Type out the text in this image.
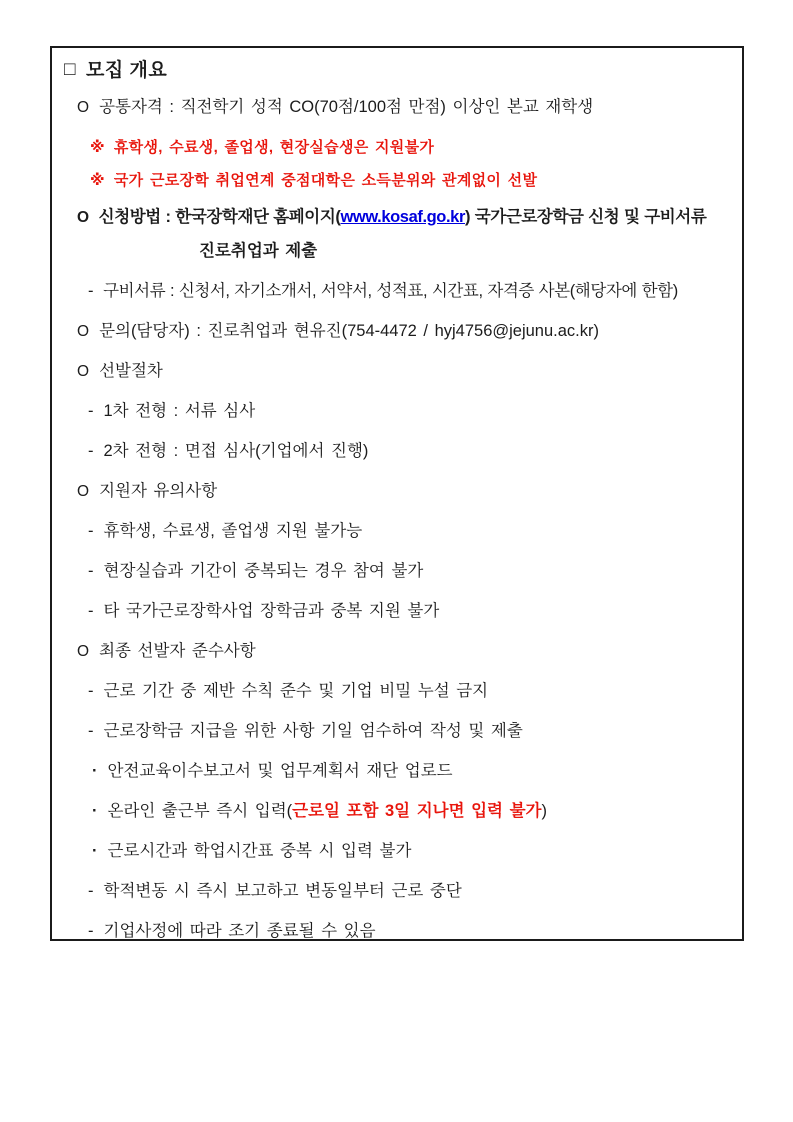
□ 모집 개요
O 공통자격 : 직전학기 성적 CO(70점/100점 만점) 이상인 본교 재학생
※ 휴학생, 수료생, 졸업생, 현장실습생은 지원불가
※ 국가 근로장학 취업연계 중점대학은 소득분위와 관계없이 선발
O 신청방법 : 한국장학재단 홈페이지(www.kosaf.go.kr) 국가근로장학금 신청 및 구비서류
진로취업과 제출
- 구비서류 : 신청서, 자기소개서, 서약서, 성적표, 시간표, 자격증 사본(해당자에 한함)
O 문의(담당자) : 진로취업과 현유진(754-4472 / hyj4756@jejunu.ac.kr)
O 선발절차
- 1차 전형 : 서류 심사
- 2차 전형 : 면접 심사(기업에서 진행)
O 지원자 유의사항
- 휴학생, 수료생, 졸업생 지원 불가능
- 현장실습과 기간이 중복되는 경우 참여 불가
- 타 국가근로장학사업 장학금과 중복 지원 불가
O 최종 선발자 준수사항
- 근로 기간 중 제반 수칙 준수 및 기업 비밀 누설 금지
- 근로장학금 지급을 위한 사항 기일 엄수하여 작성 및 제출
· 안전교육이수보고서 및 업무계획서 재단 업로드
· 온라인 출근부 즉시 입력(근로일 포함 3일 지나면 입력 불가)
· 근로시간과 학업시간표 중복 시 입력 불가
- 학적변동 시 즉시 보고하고 변동일부터 근로 중단
- 기업사정에 따라 조기 종료될 수 있음
